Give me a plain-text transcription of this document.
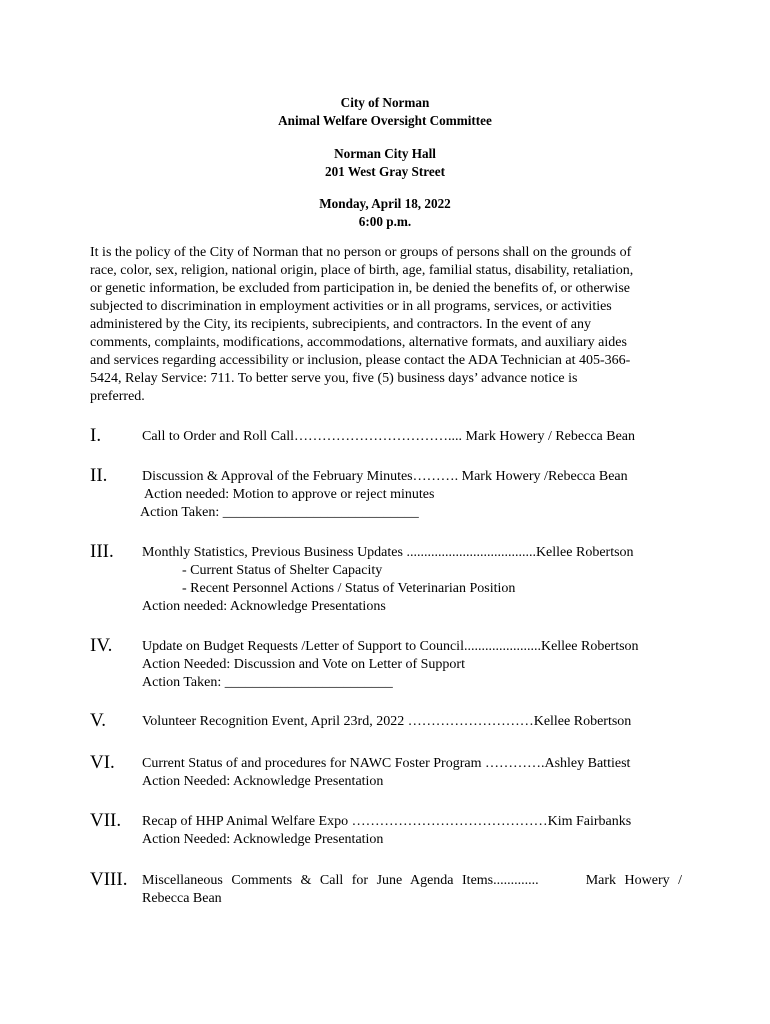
City of Norman
Animal Welfare Oversight Committee
Norman City Hall
201 West Gray Street
Monday, April 18, 2022
6:00 p.m.
It is the policy of the City of Norman that no person or groups of persons shall on the grounds of
race, color, sex, religion, national origin, place of birth, age, familial status, disability, retaliation,
or genetic information, be excluded from participation in, be denied the benefits of, or otherwise
subjected to discrimination in employment activities or in all programs, services, or activities
administered by the City, its recipients, subrecipients, and contractors. In the event of any
comments, complaints, modifications, accommodations, alternative formats, and auxiliary aides
and services regarding accessibility or inclusion, please contact the ADA Technician at 405-366-
5424, Relay Service: 711. To better serve you, five (5) business days’ advance notice is
preferred.
I.	Call to Order and Roll Call…………………………….... Mark Howery / Rebecca Bean
II. Discussion & Approval of the February Minutes………. Mark Howery /Rebecca Bean
Action needed: Motion to approve or reject minutes
Action Taken: ____________________________
III. Monthly Statistics, Previous Business Updates .....................................Kellee Robertson
- Current Status of Shelter Capacity
- Recent Personnel Actions / Status of Veterinarian Position
Action needed: Acknowledge Presentations
IV. Update on Budget Requests /Letter of Support to Council......................Kellee Robertson
Action Needed: Discussion and Vote on Letter of Support
Action Taken: ________________________
V.	Volunteer Recognition Event, April 23rd, 2022 ………………………Kellee Robertson
VI. Current Status of and procedures for NAWC Foster Program ………….Ashley Battiest
Action Needed: Acknowledge Presentation
VII. Recap of HHP Animal Welfare Expo ……………………………………Kim Fairbanks
Action Needed: Acknowledge Presentation
VIII. Miscellaneous Comments & Call for June Agenda Items.............	Mark Howery /
Rebecca Bean
